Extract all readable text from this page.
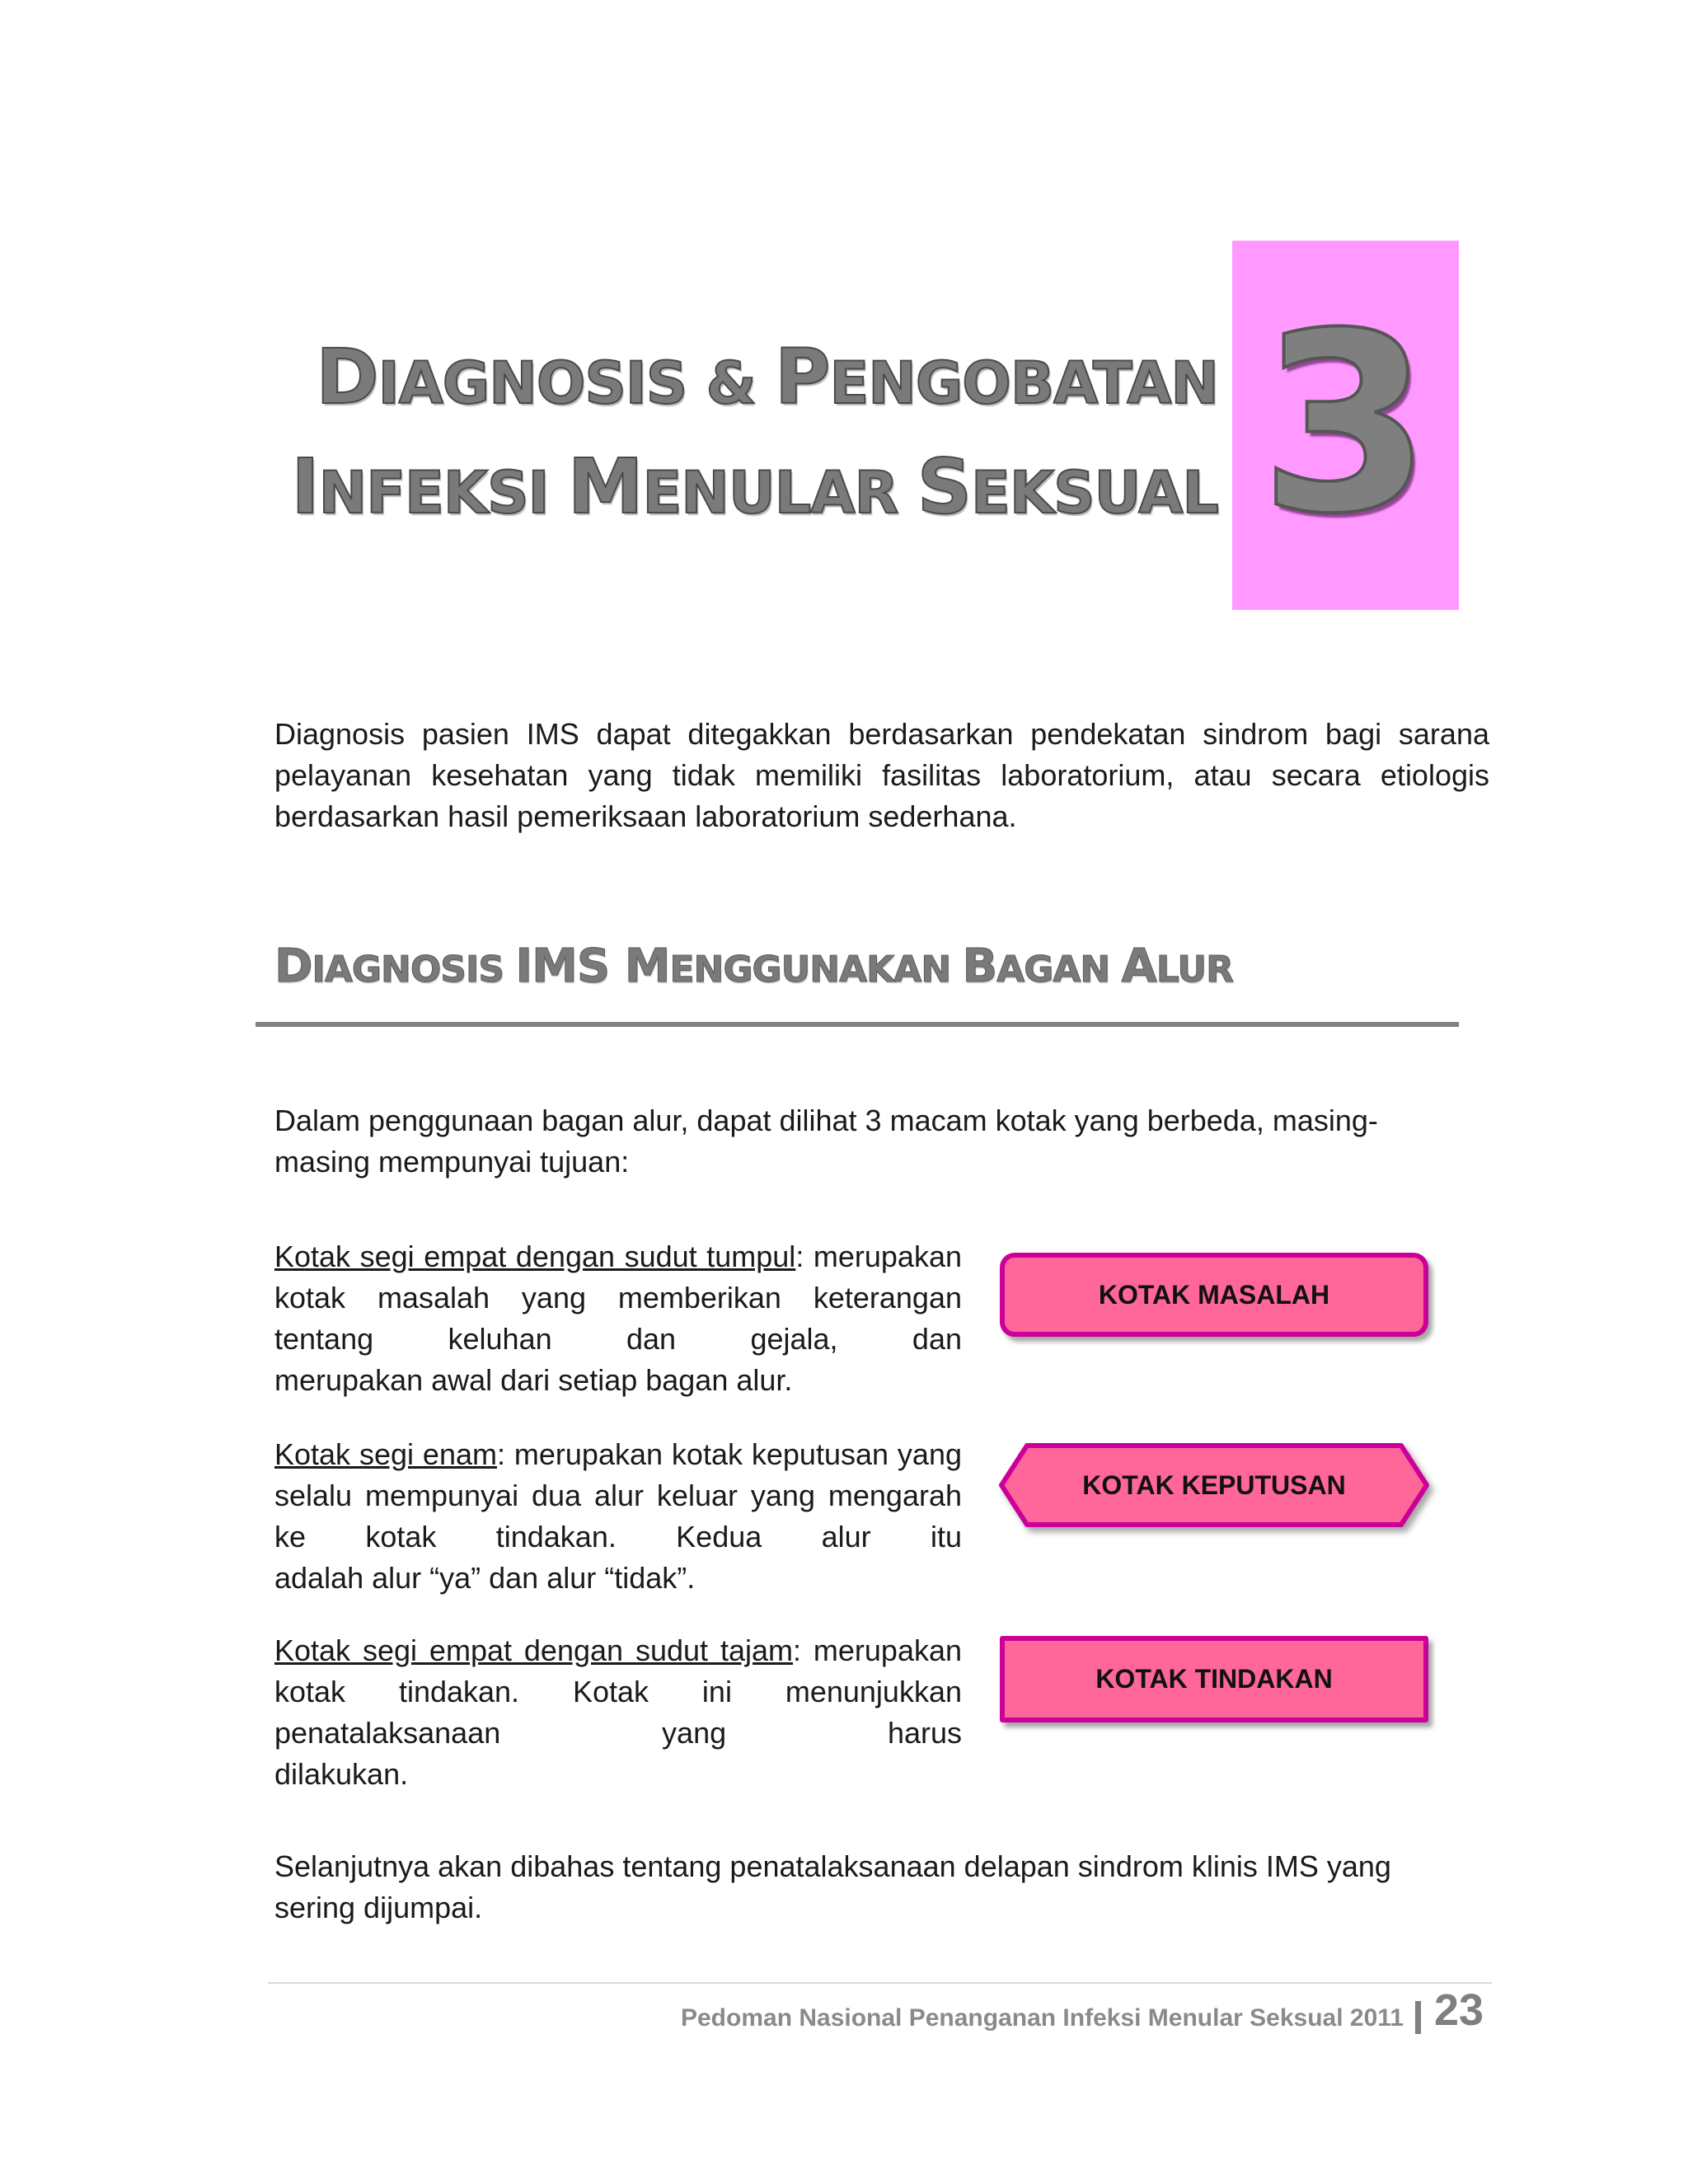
3
DIAGNOSIS & PENGOBATAN
INFEKSI MENULAR SEKSUAL

Diagnosis pasien IMS dapat ditegakkan berdasarkan pendekatan sindrom bagi sarana pelayanan kesehatan yang tidak memiliki fasilitas laboratorium, atau secara etiologis berdasarkan hasil pemeriksaan laboratorium sederhana.

DIAGNOSIS IMS MENGGUNAKAN BAGAN ALUR

Dalam penggunaan bagan alur, dapat dilihat 3 macam kotak yang berbeda, masing-masing mempunyai tujuan:

Kotak segi empat dengan sudut tumpul: merupakan kotak masalah yang memberikan keterangan tentang keluhan dan gejala, dan
merupakan awal dari setiap bagan alur.

Kotak segi enam: merupakan kotak keputusan yang selalu mempunyai dua alur keluar yang mengarah ke kotak tindakan. Kedua alur itu
adalah alur “ya” dan alur “tidak”.

Kotak segi empat dengan sudut tajam: merupakan kotak tindakan. Kotak ini menunjukkan penatalaksanaan yang harus
dilakukan.

KOTAK MASALAH
KOTAK KEPUTUSAN
KOTAK TINDAKAN

Selanjutnya akan dibahas tentang penatalaksanaan delapan sindrom klinis IMS yang sering dijumpai.

Pedoman Nasional Penanganan Infeksi Menular Seksual 2011 23
